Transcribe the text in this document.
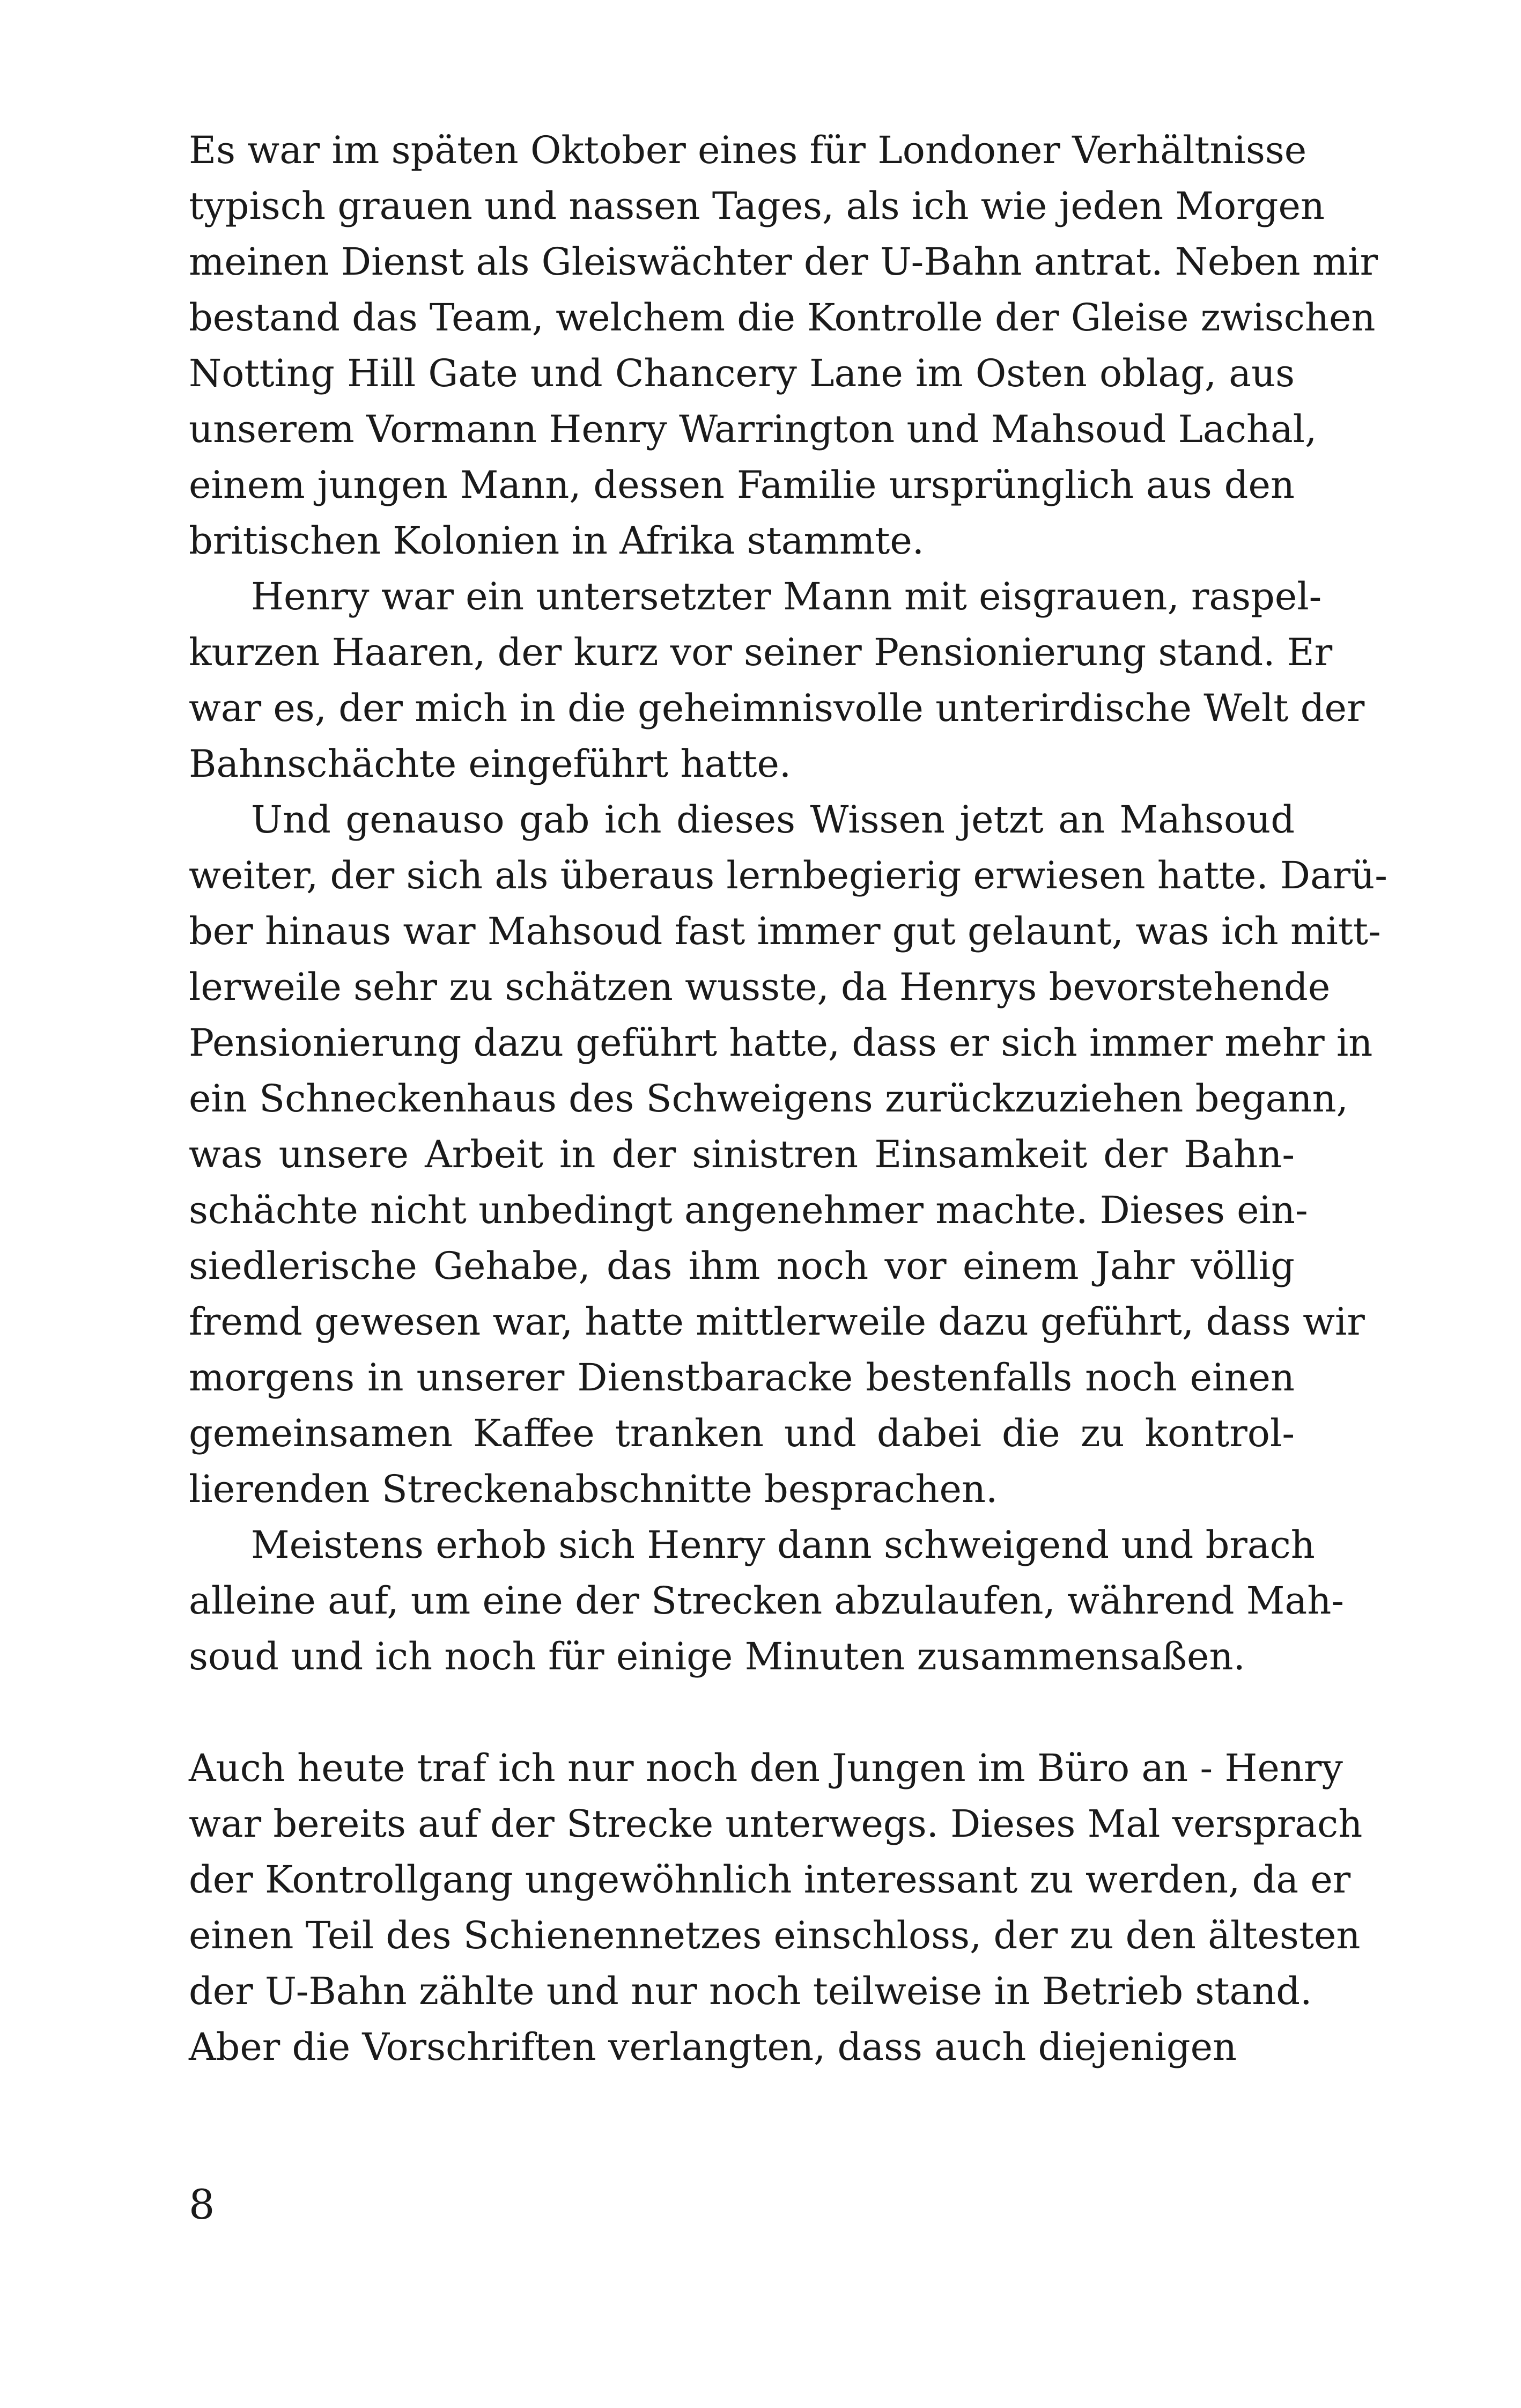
Es war im späten Oktober eines für Londoner Verhältnisse
typisch grauen und nassen Tages, als ich wie jeden Morgen
meinen Dienst als Gleiswächter der U-Bahn antrat. Neben mir
bestand das Team, welchem die Kontrolle der Gleise zwischen
Notting Hill Gate und Chancery Lane im Osten oblag, aus
unserem Vormann Henry Warrington und Mahsoud Lachal,
einem jungen Mann, dessen Familie ursprünglich aus den
britischen Kolonien in Afrika stammte.
Henry war ein untersetzter Mann mit eisgrauen, raspel-
kurzen Haaren, der kurz vor seiner Pensionierung stand. Er
war es, der mich in die geheimnisvolle unterirdische Welt der
Bahnschächte eingeführt hatte.
Und genauso gab ich dieses Wissen jetzt an Mahsoud
weiter, der sich als überaus lernbegierig erwiesen hatte. Darü-
ber hinaus war Mahsoud fast immer gut gelaunt, was ich mitt-
lerweile sehr zu schätzen wusste, da Henrys bevorstehende
Pensionierung dazu geführt hatte, dass er sich immer mehr in
ein Schneckenhaus des Schweigens zurückzuziehen begann,
was unsere Arbeit in der sinistren Einsamkeit der Bahn-
schächte nicht unbedingt angenehmer machte. Dieses ein-
siedlerische Gehabe, das ihm noch vor einem Jahr völlig
fremd gewesen war, hatte mittlerweile dazu geführt, dass wir
morgens in unserer Dienstbaracke bestenfalls noch einen
gemeinsamen Kaffee tranken und dabei die zu kontrol-
lierenden Streckenabschnitte besprachen.
Meistens erhob sich Henry dann schweigend und brach
alleine auf, um eine der Strecken abzulaufen, während Mah-
soud und ich noch für einige Minuten zusammensaßen.
Auch heute traf ich nur noch den Jungen im Büro an - Henry
war bereits auf der Strecke unterwegs. Dieses Mal versprach
der Kontrollgang ungewöhnlich interessant zu werden, da er
einen Teil des Schienennetzes einschloss, der zu den ältesten
der U-Bahn zählte und nur noch teilweise in Betrieb stand.
Aber die Vorschriften verlangten, dass auch diejenigen
8
